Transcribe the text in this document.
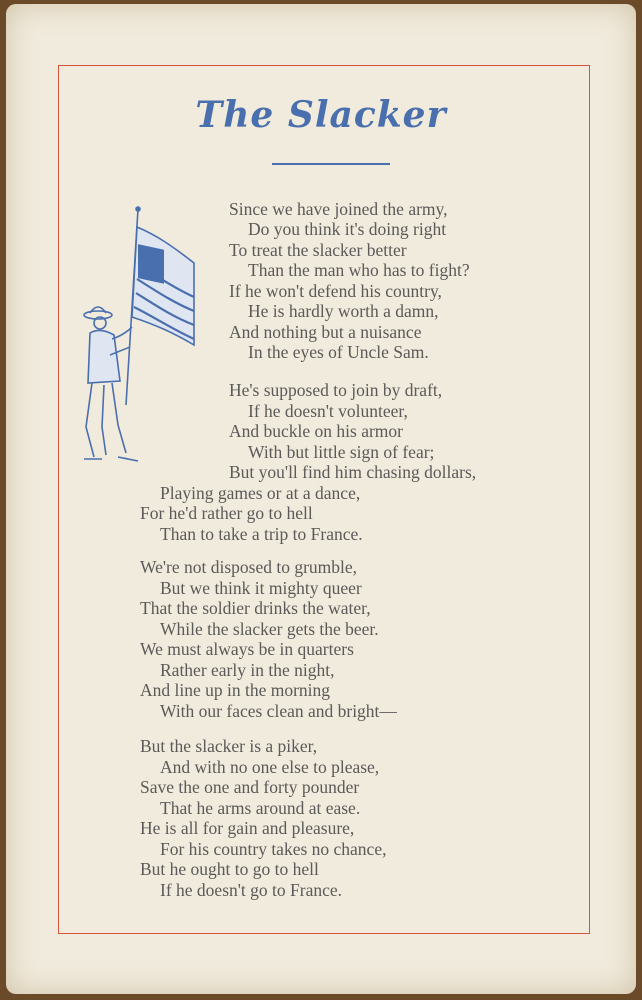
The Slacker
Since we have joined the army,
Do you think it's doing right
To treat the slacker better
Than the man who has to fight?
If he won't defend his country,
He is hardly worth a damn,
And nothing but a nuisance
In the eyes of Uncle Sam.
He's supposed to join by draft,
If he doesn't volunteer,
And buckle on his armor
With but little sign of fear;
But you'll find him chasing dollars,
Playing games or at a dance,
For he'd rather go to hell
Than to take a trip to France.
We're not disposed to grumble,
But we think it mighty queer
That the soldier drinks the water,
While the slacker gets the beer.
We must always be in quarters
Rather early in the night,
And line up in the morning
With our faces clean and bright—
But the slacker is a piker,
And with no one else to please,
Save the one and forty pounder
That he arms around at ease.
He is all for gain and pleasure,
For his country takes no chance,
But he ought to go to hell
If he doesn't go to France.
